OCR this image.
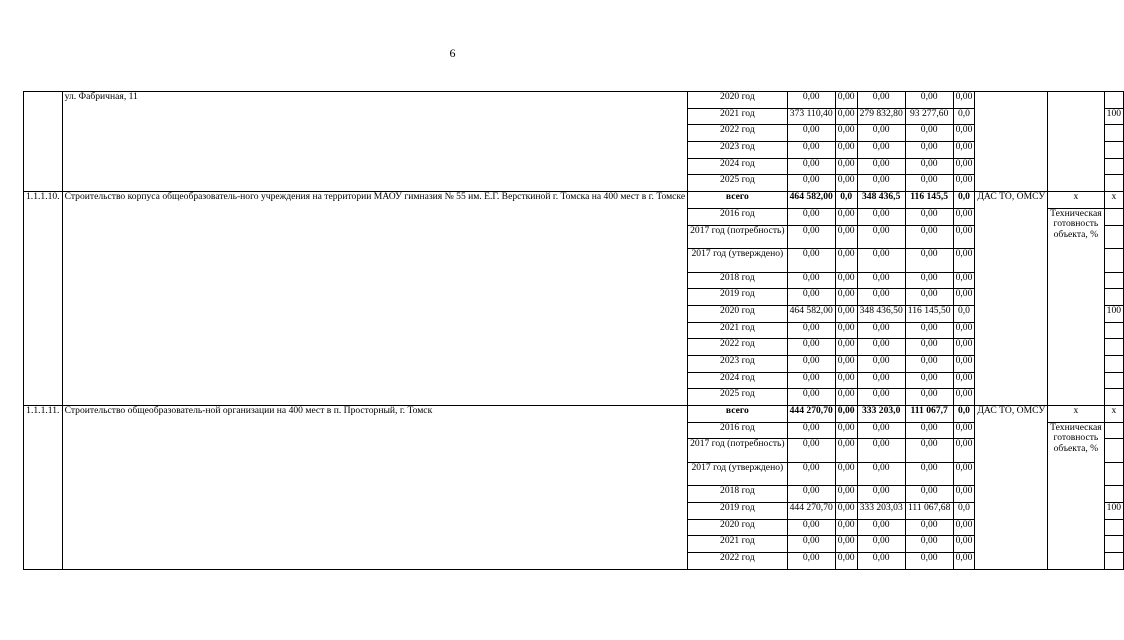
6
	ул. Фабричная, 11	2020 год	0,00	0,00	0,00	0,00	0,00			
		2021 год	373 110,40	0,00	279 832,80	93 277,60	0,0			100
		2022 год	0,00	0,00	0,00	0,00	0,00			
		2023 год	0,00	0,00	0,00	0,00	0,00			
		2024 год	0,00	0,00	0,00	0,00	0,00			
		2025 год	0,00	0,00	0,00	0,00	0,00			
1.1.1.10.	Строительство корпуса общеобразователь-ного учреждения на территории МАОУ гимназия № 55 им. Е.Г. Версткиной г. Томска на 400 мест в г. Томске	всего	464 582,00	0,0	348 436,5	116 145,5	0,0	ДАС ТО, ОМСУ	х	х
		2016 год	0,00	0,00	0,00	0,00	0,00		Техническая готовность объекта, %	
		2017 год (потребность)	0,00	0,00	0,00	0,00	0,00			
		2017 год (утверждено)	0,00	0,00	0,00	0,00	0,00			
		2018 год	0,00	0,00	0,00	0,00	0,00			
		2019 год	0,00	0,00	0,00	0,00	0,00			
		2020 год	464 582,00	0,00	348 436,50	116 145,50	0,0			100
		2021 год	0,00	0,00	0,00	0,00	0,00			
		2022 год	0,00	0,00	0,00	0,00	0,00			
		2023 год	0,00	0,00	0,00	0,00	0,00			
		2024 год	0,00	0,00	0,00	0,00	0,00			
		2025 год	0,00	0,00	0,00	0,00	0,00			
1.1.1.11.	Строительство общеобразователь-ной организации на 400 мест в п. Просторный, г. Томск	всего	444 270,70	0,00	333 203,0	111 067,7	0,0	ДАС ТО, ОМСУ	х	х
		2016 год	0,00	0,00	0,00	0,00	0,00		Техническая готовность объекта, %	
		2017 год (потребность)	0,00	0,00	0,00	0,00	0,00			
		2017 год (утверждено)	0,00	0,00	0,00	0,00	0,00			
		2018 год	0,00	0,00	0,00	0,00	0,00			
		2019 год	444 270,70	0,00	333 203,03	111 067,68	0,0			100
		2020 год	0,00	0,00	0,00	0,00	0,00			
		2021 год	0,00	0,00	0,00	0,00	0,00			
		2022 год	0,00	0,00	0,00	0,00	0,00			
